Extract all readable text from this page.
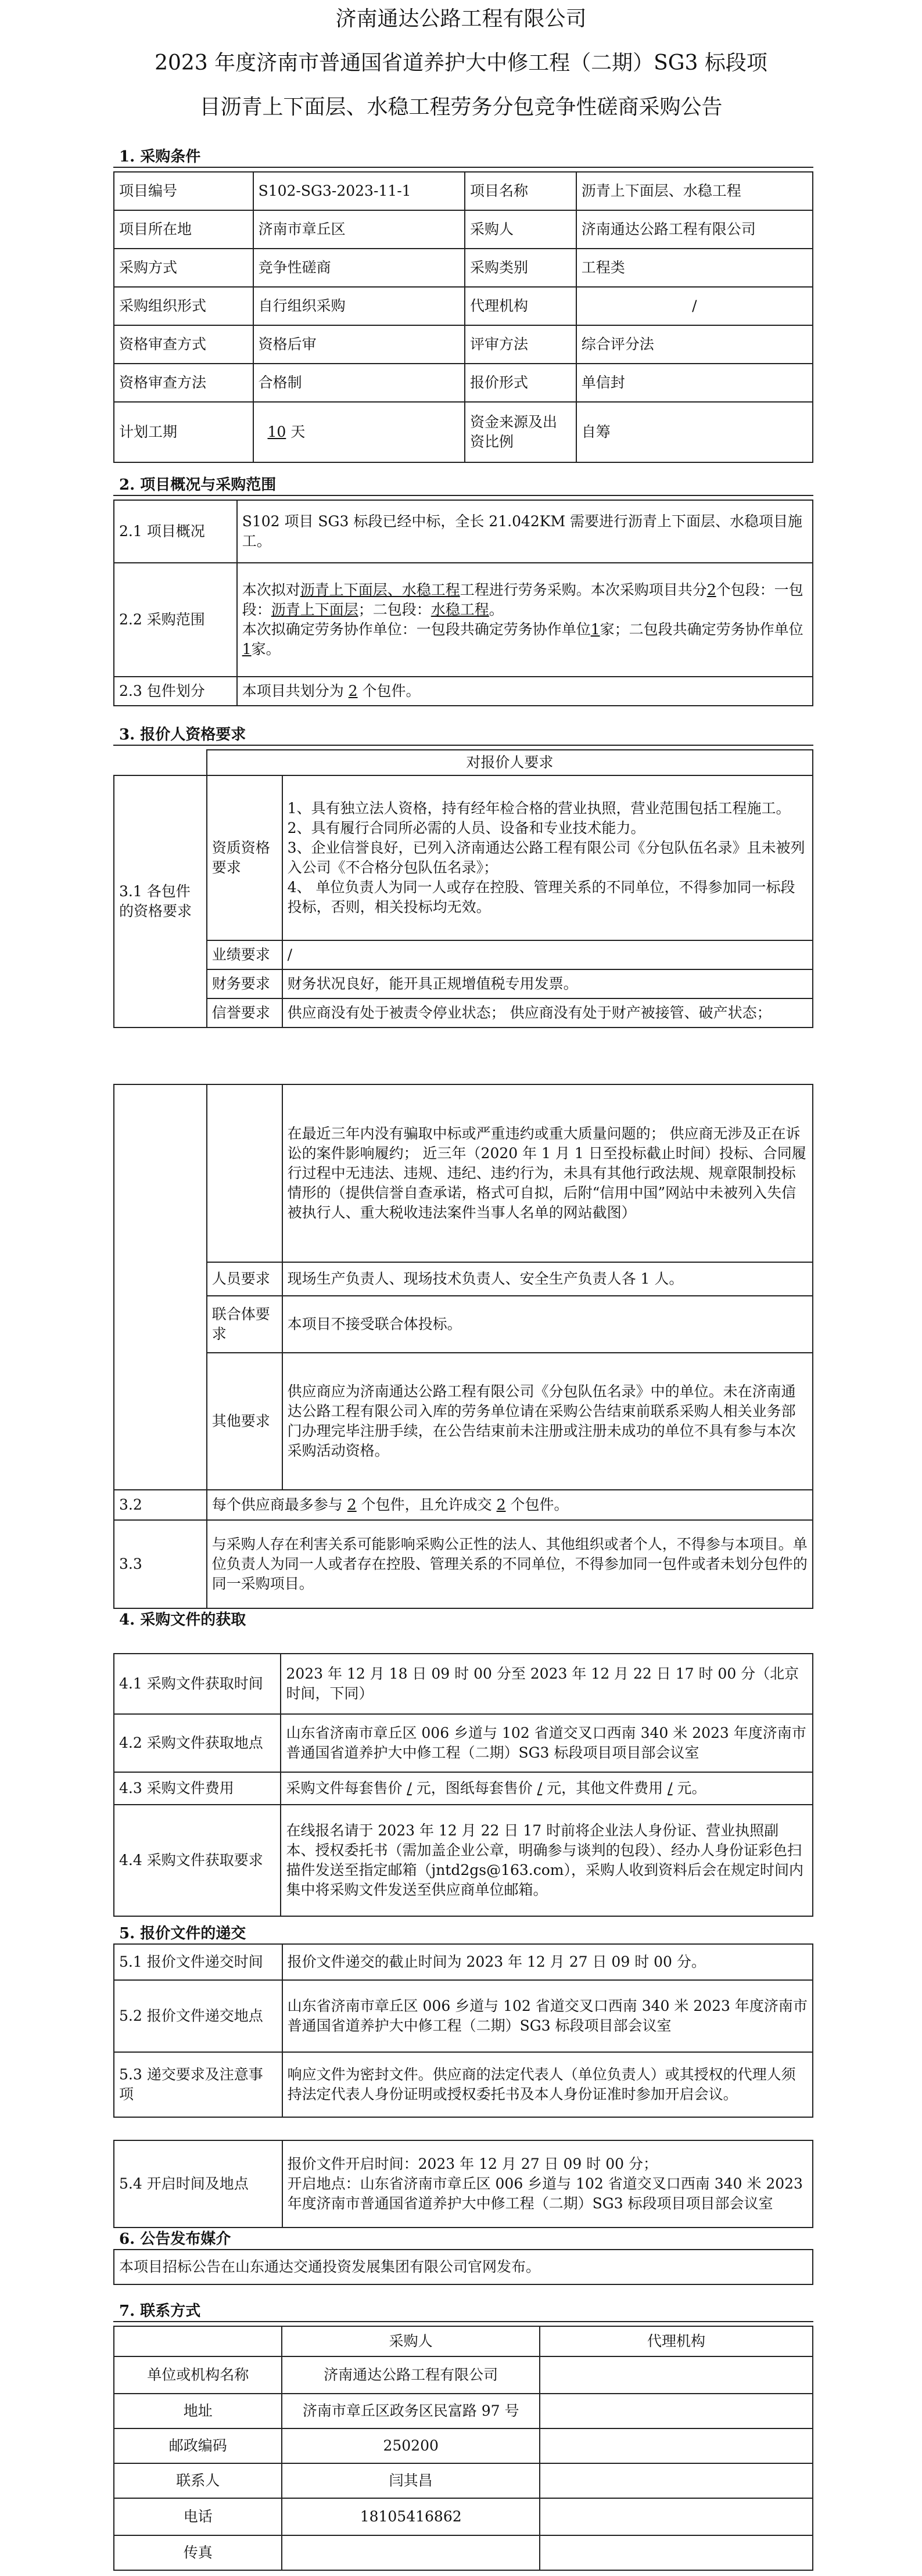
济南通达公路工程有限公司
2023 年度济南市普通国省道养护大中修工程（二期）SG3 标段项
目沥青上下面层、水稳工程劳务分包竞争性磋商采购公告
1. 采购条件
项目编号	S102-SG3-2023-11-1	项目名称	沥青上下面层、水稳工程
项目所在地	济南市章丘区	采购人	济南通达公路工程有限公司
采购方式	竞争性磋商	采购类别	工程类
采购组织形式	自行组织采购	代理机构	/
资格审查方式	资格后审	评审方法	综合评分法
资格审查方法	合格制	报价形式	单信封
计划工期	10 天	资金来源及出资比例	自筹
2. 项目概况与采购范围
2.1 项目概况	S102 项目 SG3 标段已经中标，全长 21.042KM 需要进行沥青上下面层、水稳项目施工。
2.2 采购范围	本次拟对沥青上下面层、水稳工程工程进行劳务采购。本次采购项目共分2个包段：一包段：沥青上下面层；二包段：水稳工程。
本次拟确定劳务协作单位：一包段共确定劳务协作单位1家；二包段共确定劳务协作单位1家。
2.3 包件划分	本项目共划分为 2 个包件。
3. 报价人资格要求
	对报价人要求	
3.1 各包件的资格要求	资质资格要求	1、具有独立法人资格，持有经年检合格的营业执照，营业范围包括工程施工。
2、具有履行合同所必需的人员、设备和专业技术能力。
3、企业信誉良好，已列入济南通达公路工程有限公司《分包队伍名录》且未被列入公司《不合格分包队伍名录》；
4、 单位负责人为同一人或存在控股、管理关系的不同单位，不得参加同一标段投标，否则，相关投标均无效。
	业绩要求	/
	财务要求	财务状况良好，能开具正规增值税专用发票。
	信誉要求	供应商没有处于被责令停业状态； 供应商没有处于财产被接管、破产状态；
		在最近三年内没有骗取中标或严重违约或重大质量问题的； 供应商无涉及正在诉讼的案件影响履约； 近三年（2020 年 1 月 1 日至投标截止时间）投标、合同履行过程中无违法、违规、违纪、违约行为，未具有其他行政法规、规章限制投标情形的（提供信誉自查承诺，格式可自拟，后附“信用中国”网站中未被列入失信被执行人、重大税收违法案件当事人名单的网站截图）
	人员要求	现场生产负责人、现场技术负责人、安全生产负责人各 1 人。
	联合体要求	本项目不接受联合体投标。
	其他要求	供应商应为济南通达公路工程有限公司《分包队伍名录》中的单位。未在济南通达公路工程有限公司入库的劳务单位请在采购公告结束前联系采购人相关业务部门办理完毕注册手续，在公告结束前未注册或注册未成功的单位不具有参与本次采购活动资格。
3.2	每个供应商最多参与 2 个包件，且允许成交 2 个包件。	
3.3	与采购人存在利害关系可能影响采购公正性的法人、其他组织或者个人，不得参与本项目。单位负责人为同一人或者存在控股、管理关系的不同单位，不得参加同一包件或者未划分包件的同一采购项目。	
4. 采购文件的获取
4.1 采购文件获取时间	2023 年 12 月 18 日 09 时 00 分至 2023 年 12 月 22 日 17 时 00 分（北京时间，下同）
4.2 采购文件获取地点	山东省济南市章丘区 006 乡道与 102 省道交叉口西南 340 米 2023 年度济南市普通国省道养护大中修工程（二期）SG3 标段项目项目部会议室
4.3 采购文件费用	采购文件每套售价 / 元，图纸每套售价 / 元，其他文件费用 / 元。
4.4 采购文件获取要求	在线报名请于 2023 年 12 月 22 日 17 时前将企业法人身份证、营业执照副本、授权委托书（需加盖企业公章，明确参与谈判的包段）、经办人身份证彩色扫描件发送至指定邮箱（jntd2gs@163.com），采购人收到资料后会在规定时间内集中将采购文件发送至供应商单位邮箱。
5. 报价文件的递交
5.1 报价文件递交时间	报价文件递交的截止时间为 2023 年 12 月 27 日 09 时 00 分。
5.2 报价文件递交地点	山东省济南市章丘区 006 乡道与 102 省道交叉口西南 340 米 2023 年度济南市普通国省道养护大中修工程（二期）SG3 标段项目部会议室
5.3 递交要求及注意事项	响应文件为密封文件。供应商的法定代表人（单位负责人）或其授权的代理人须持法定代表人身份证明或授权委托书及本人身份证准时参加开启会议。
5.4 开启时间及地点	报价文件开启时间：2023 年 12 月 27 日 09 时 00 分；
开启地点：山东省济南市章丘区 006 乡道与 102 省道交叉口西南 340 米 2023 年度济南市普通国省道养护大中修工程（二期）SG3 标段项目项目部会议室
6. 公告发布媒介
本项目招标公告在山东通达交通投资发展集团有限公司官网发布。
7. 联系方式
	采购人	代理机构
单位或机构名称	济南通达公路工程有限公司	
地址	济南市章丘区政务区民富路 97 号	
邮政编码	250200	
联系人	闫其昌	
电话	18105416862	
传真		
